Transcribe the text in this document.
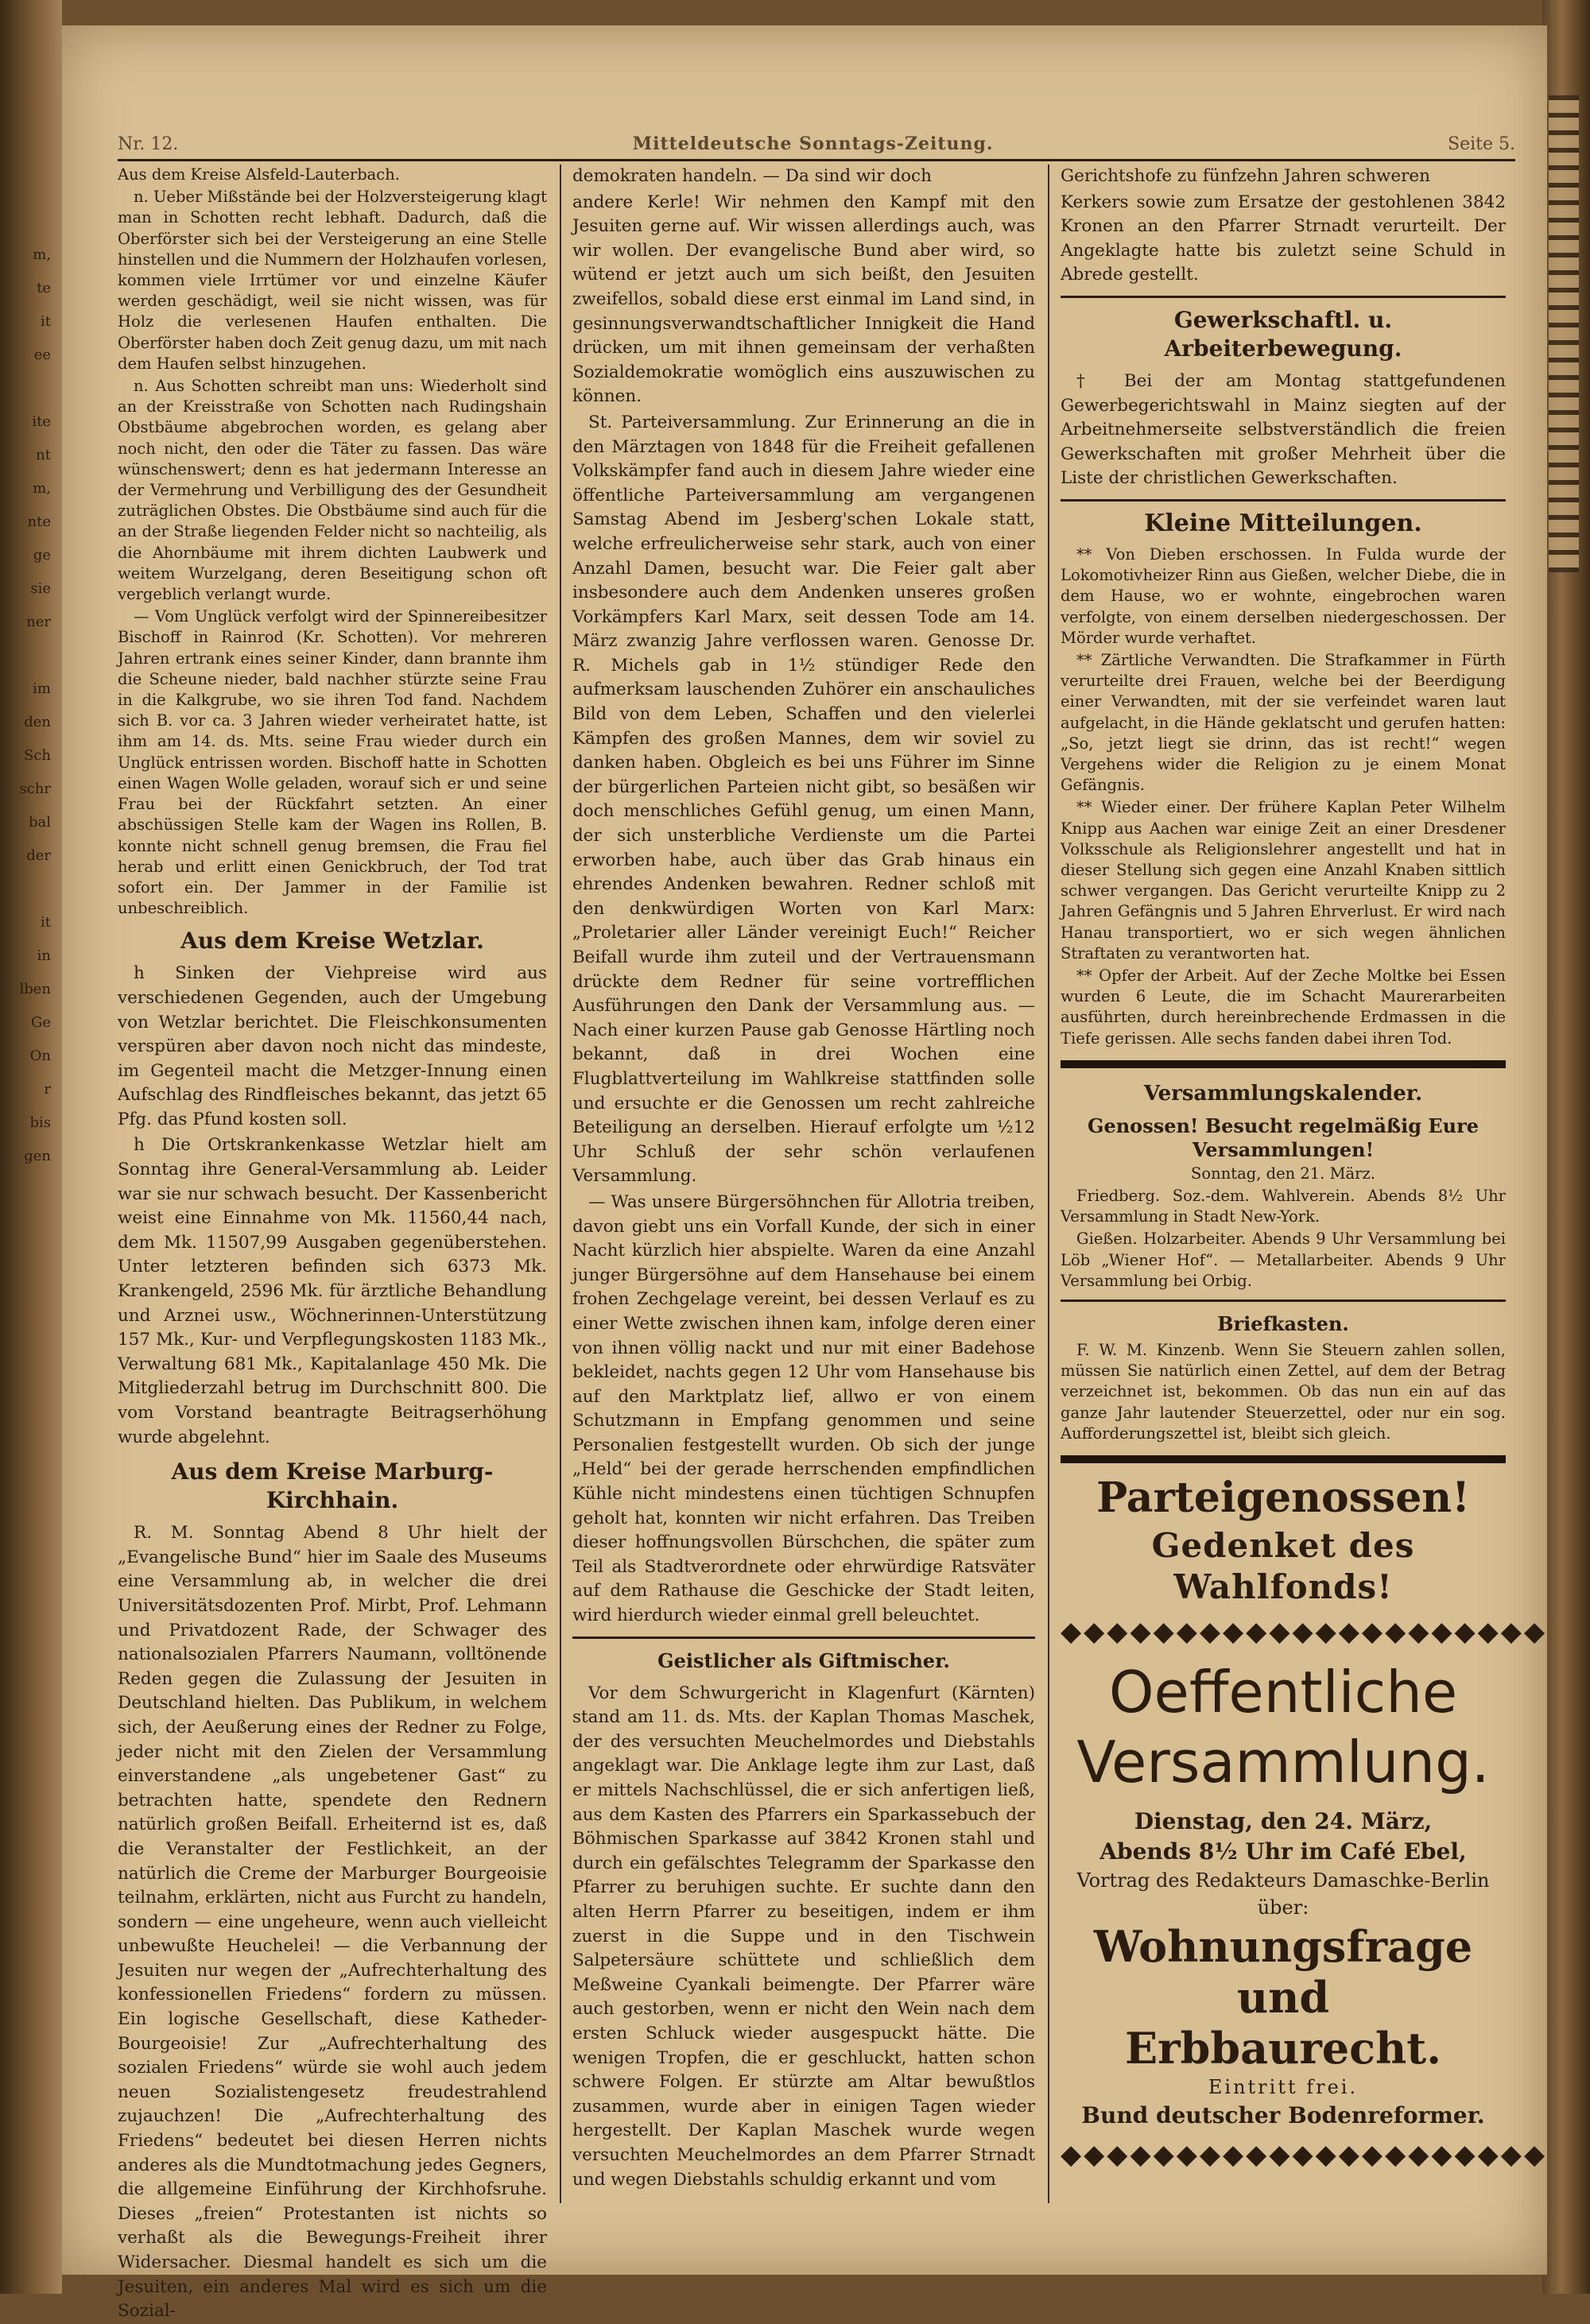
m,
te
it
ee

ite
nt
m,
nte
ge
sie
ner

im
den
Sch
schr
bal
der

it
in
lben
Ge
On
r
bis
gen
Nr. 12.	Mitteldeutsche Sonntags-Zeitung.	Seite 5.

Aus dem Kreise Alsfeld-Lauterbach.

n. Ueber Mißstände bei der Holzversteigerung klagt man in Schotten recht lebhaft. Dadurch, daß die Oberförster sich bei der Versteigerung an eine Stelle hinstellen und die Nummern der Holzhaufen vorlesen, kommen viele Irrtümer vor und einzelne Käufer werden geschädigt, weil sie nicht wissen, was für Holz die verlesenen Haufen enthalten. Die Oberförster haben doch Zeit genug dazu, um mit nach dem Haufen selbst hinzugehen.

n. Aus Schotten schreibt man uns: Wiederholt sind an der Kreisstraße von Schotten nach Rudingshain Obstbäume abgebrochen worden, es gelang aber noch nicht, den oder die Täter zu fassen. Das wäre wünschenswert; denn es hat jedermann Interesse an der Vermehrung und Verbilligung des der Gesundheit zuträglichen Obstes. Die Obstbäume sind auch für die an der Straße liegenden Felder nicht so nachteilig, als die Ahornbäume mit ihrem dichten Laubwerk und weitem Wurzelgang, deren Beseitigung schon oft vergeblich verlangt wurde.

— Vom Unglück verfolgt wird der Spinnereibesitzer Bischoff in Rainrod (Kr. Schotten). Vor mehreren Jahren ertrank eines seiner Kinder, dann brannte ihm die Scheune nieder, bald nachher stürzte seine Frau in die Kalkgrube, wo sie ihren Tod fand. Nachdem sich B. vor ca. 3 Jahren wieder verheiratet hatte, ist ihm am 14. ds. Mts. seine Frau wieder durch ein Unglück entrissen worden. Bischoff hatte in Schotten einen Wagen Wolle geladen, worauf sich er und seine Frau bei der Rückfahrt setzten. An einer abschüssigen Stelle kam der Wagen ins Rollen, B. konnte nicht schnell genug bremsen, die Frau fiel herab und erlitt einen Genickbruch, der Tod trat sofort ein. Der Jammer in der Familie ist unbeschreiblich.

Aus dem Kreise Wetzlar.

h Sinken der Viehpreise wird aus verschiedenen Gegenden, auch der Umgebung von Wetzlar berichtet. Die Fleischkonsumenten verspüren aber davon noch nicht das mindeste, im Gegenteil macht die Metzger-Innung einen Aufschlag des Rindfleisches bekannt, das jetzt 65 Pfg. das Pfund kosten soll.

h Die Ortskrankenkasse Wetzlar hielt am Sonntag ihre General-Versammlung ab. Leider war sie nur schwach besucht. Der Kassenbericht weist eine Einnahme von Mk. 11560,44 nach, dem Mk. 11507,99 Ausgaben gegenüberstehen. Unter letzteren befinden sich 6373 Mk. Krankengeld, 2596 Mk. für ärztliche Behandlung und Arznei usw., Wöchnerinnen-Unterstützung 157 Mk., Kur- und Verpflegungskosten 1183 Mk., Verwaltung 681 Mk., Kapitalanlage 450 Mk. Die Mitgliederzahl betrug im Durchschnitt 800. Die vom Vorstand beantragte Beitragserhöhung wurde abgelehnt.

Aus dem Kreise Marburg-Kirchhain.

R. M. Sonntag Abend 8 Uhr hielt der „Evangelische Bund“ hier im Saale des Museums eine Versammlung ab, in welcher die drei Universitätsdozenten Prof. Mirbt, Prof. Lehmann und Privatdozent Rade, der Schwager des nationalsozialen Pfarrers Naumann, volltönende Reden gegen die Zulassung der Jesuiten in Deutschland hielten. Das Publikum, in welchem sich, der Aeußerung eines der Redner zu Folge, jeder nicht mit den Zielen der Versammlung einverstandene „als ungebetener Gast“ zu betrachten hatte, spendete den Rednern natürlich großen Beifall. Erheiternd ist es, daß die Veranstalter der Festlichkeit, an der natürlich die Creme der Marburger Bourgeoisie teilnahm, erklärten, nicht aus Furcht zu handeln, sondern — eine ungeheure, wenn auch vielleicht unbewußte Heuchelei! — die Verbannung der Jesuiten nur wegen der „Aufrechterhaltung des konfessionellen Friedens“ fordern zu müssen. Ein logische Gesellschaft, diese Katheder-Bourgeoisie! Zur „Aufrechterhaltung des sozialen Friedens“ würde sie wohl auch jedem neuen Sozialistengesetz freudestrahlend zujauchzen! Die „Aufrechterhaltung des Friedens“ bedeutet bei diesen Herren nichts anderes als die Mundtotmachung jedes Gegners, die allgemeine Einführung der Kirchhofsruhe. Dieses „freien“ Protestanten ist nichts so verhaßt als die Bewegungs-Freiheit ihrer Widersacher. Diesmal handelt es sich um die Jesuiten, ein anderes Mal wird es sich um die Sozial-

demokraten handeln. — Da sind wir doch

andere Kerle! Wir nehmen den Kampf mit den Jesuiten gerne auf. Wir wissen allerdings auch, was wir wollen. Der evangelische Bund aber wird, so wütend er jetzt auch um sich beißt, den Jesuiten zweifellos, sobald diese erst einmal im Land sind, in gesinnungsverwandtschaftlicher Innigkeit die Hand drücken, um mit ihnen gemeinsam der verhaßten Sozialdemokratie womöglich eins auszuwischen zu können.

St. Parteiversammlung. Zur Erinnerung an die in den Märztagen von 1848 für die Freiheit gefallenen Volkskämpfer fand auch in diesem Jahre wieder eine öffentliche Parteiversammlung am vergangenen Samstag Abend im Jesberg'schen Lokale statt, welche erfreulicherweise sehr stark, auch von einer Anzahl Damen, besucht war. Die Feier galt aber insbesondere auch dem Andenken unseres großen Vorkämpfers Karl Marx, seit dessen Tode am 14. März zwanzig Jahre verflossen waren. Genosse Dr. R. Michels gab in 1½ stündiger Rede den aufmerksam lauschenden Zuhörer ein anschauliches Bild von dem Leben, Schaffen und den vielerlei Kämpfen des großen Mannes, dem wir soviel zu danken haben. Obgleich es bei uns Führer im Sinne der bürgerlichen Parteien nicht gibt, so besäßen wir doch menschliches Gefühl genug, um einen Mann, der sich unsterbliche Verdienste um die Partei erworben habe, auch über das Grab hinaus ein ehrendes Andenken bewahren. Redner schloß mit den denkwürdigen Worten von Karl Marx: „Proletarier aller Länder vereinigt Euch!“ Reicher Beifall wurde ihm zuteil und der Vertrauensmann drückte dem Redner für seine vortrefflichen Ausführungen den Dank der Versammlung aus. — Nach einer kurzen Pause gab Genosse Härtling noch bekannt, daß in drei Wochen eine Flugblattverteilung im Wahlkreise stattfinden solle und ersuchte er die Genossen um recht zahlreiche Beteiligung an derselben. Hierauf erfolgte um ½12 Uhr Schluß der sehr schön verlaufenen Versammlung.

— Was unsere Bürgersöhnchen für Allotria treiben, davon giebt uns ein Vorfall Kunde, der sich in einer Nacht kürzlich hier abspielte. Waren da eine Anzahl junger Bürgersöhne auf dem Hansehause bei einem frohen Zechgelage vereint, bei dessen Verlauf es zu einer Wette zwischen ihnen kam, infolge deren einer von ihnen völlig nackt und nur mit einer Badehose bekleidet, nachts gegen 12 Uhr vom Hansehause bis auf den Marktplatz lief, allwo er von einem Schutzmann in Empfang genommen und seine Personalien festgestellt wurden. Ob sich der junge „Held“ bei der gerade herrschenden empfindlichen Kühle nicht mindestens einen tüchtigen Schnupfen geholt hat, konnten wir nicht erfahren. Das Treiben dieser hoffnungsvollen Bürschchen, die später zum Teil als Stadtverordnete oder ehrwürdige Ratsväter auf dem Rathause die Geschicke der Stadt leiten, wird hierdurch wieder einmal grell beleuchtet.

Geistlicher als Giftmischer.

Vor dem Schwurgericht in Klagenfurt (Kärnten) stand am 11. ds. Mts. der Kaplan Thomas Maschek, der des versuchten Meuchelmordes und Diebstahls angeklagt war. Die Anklage legte ihm zur Last, daß er mittels Nachschlüssel, die er sich anfertigen ließ, aus dem Kasten des Pfarrers ein Sparkassebuch der Böhmischen Sparkasse auf 3842 Kronen stahl und durch ein gefälschtes Telegramm der Sparkasse den Pfarrer zu beruhigen suchte. Er suchte dann den alten Herrn Pfarrer zu beseitigen, indem er ihm zuerst in die Suppe und in den Tischwein Salpetersäure schüttete und schließlich dem Meßweine Cyankali beimengte. Der Pfarrer wäre auch gestorben, wenn er nicht den Wein nach dem ersten Schluck wieder ausgespuckt hätte. Die wenigen Tropfen, die er geschluckt, hatten schon schwere Folgen. Er stürzte am Altar bewußtlos zusammen, wurde aber in einigen Tagen wieder hergestellt. Der Kaplan Maschek wurde wegen versuchten Meuchelmordes an dem Pfarrer Strnadt und wegen Diebstahls schuldig erkannt und vom

Gerichtshofe zu fünfzehn Jahren schweren

Kerkers sowie zum Ersatze der gestohlenen 3842 Kronen an den Pfarrer Strnadt verurteilt. Der Angeklagte hatte bis zuletzt seine Schuld in Abrede gestellt.

Gewerkschaftl. u. Arbeiterbewegung.

† Bei der am Montag stattgefundenen Gewerbegerichtswahl in Mainz siegten auf der Arbeitnehmerseite selbstverständlich die freien Gewerkschaften mit großer Mehrheit über die Liste der christlichen Gewerkschaften.

Kleine Mitteilungen.

** Von Dieben erschossen. In Fulda wurde der Lokomotivheizer Rinn aus Gießen, welcher Diebe, die in dem Hause, wo er wohnte, eingebrochen waren verfolgte, von einem derselben niedergeschossen. Der Mörder wurde verhaftet.

** Zärtliche Verwandten. Die Strafkammer in Fürth verurteilte drei Frauen, welche bei der Beerdigung einer Verwandten, mit der sie verfeindet waren laut aufgelacht, in die Hände geklatscht und gerufen hatten: „So, jetzt liegt sie drinn, das ist recht!“ wegen Vergehens wider die Religion zu je einem Monat Gefängnis.

** Wieder einer. Der frühere Kaplan Peter Wilhelm Knipp aus Aachen war einige Zeit an einer Dresdener Volksschule als Religionslehrer angestellt und hat in dieser Stellung sich gegen eine Anzahl Knaben sittlich schwer vergangen. Das Gericht verurteilte Knipp zu 2 Jahren Gefängnis und 5 Jahren Ehrverlust. Er wird nach Hanau transportiert, wo er sich wegen ähnlichen Straftaten zu verantworten hat.

** Opfer der Arbeit. Auf der Zeche Moltke bei Essen wurden 6 Leute, die im Schacht Maurerarbeiten ausführten, durch hereinbrechende Erdmassen in die Tiefe gerissen. Alle sechs fanden dabei ihren Tod.

Versammlungskalender.

Genossen! Besucht regelmäßig Eure Versammlungen!

Sonntag, den 21. März.

Friedberg. Soz.-dem. Wahlverein. Abends 8½ Uhr Versammlung in Stadt New-York.

Gießen. Holzarbeiter. Abends 9 Uhr Versammlung bei Löb „Wiener Hof“. — Metallarbeiter. Abends 9 Uhr Versammlung bei Orbig.

Briefkasten.

F. W. M. Kinzenb. Wenn Sie Steuern zahlen sollen, müssen Sie natürlich einen Zettel, auf dem der Betrag verzeichnet ist, bekommen. Ob das nun ein auf das ganze Jahr lautender Steuerzettel, oder nur ein sog. Aufforderungszettel ist, bleibt sich gleich.

Parteigenossen!
Gedenket des Wahlfonds!
◆◆◆◆◆◆◆◆◆◆◆◆◆◆◆◆◆◆◆◆◆
Oeffentliche
Versammlung.
Dienstag, den 24. März,
Abends 8½ Uhr im Café Ebel,
Vortrag des Redakteurs Damaschke-Berlin über:
Wohnungsfrage
und
Erbbaurecht.
Eintritt frei.
Bund deutscher Bodenreformer.
◆◆◆◆◆◆◆◆◆◆◆◆◆◆◆◆◆◆◆◆◆
